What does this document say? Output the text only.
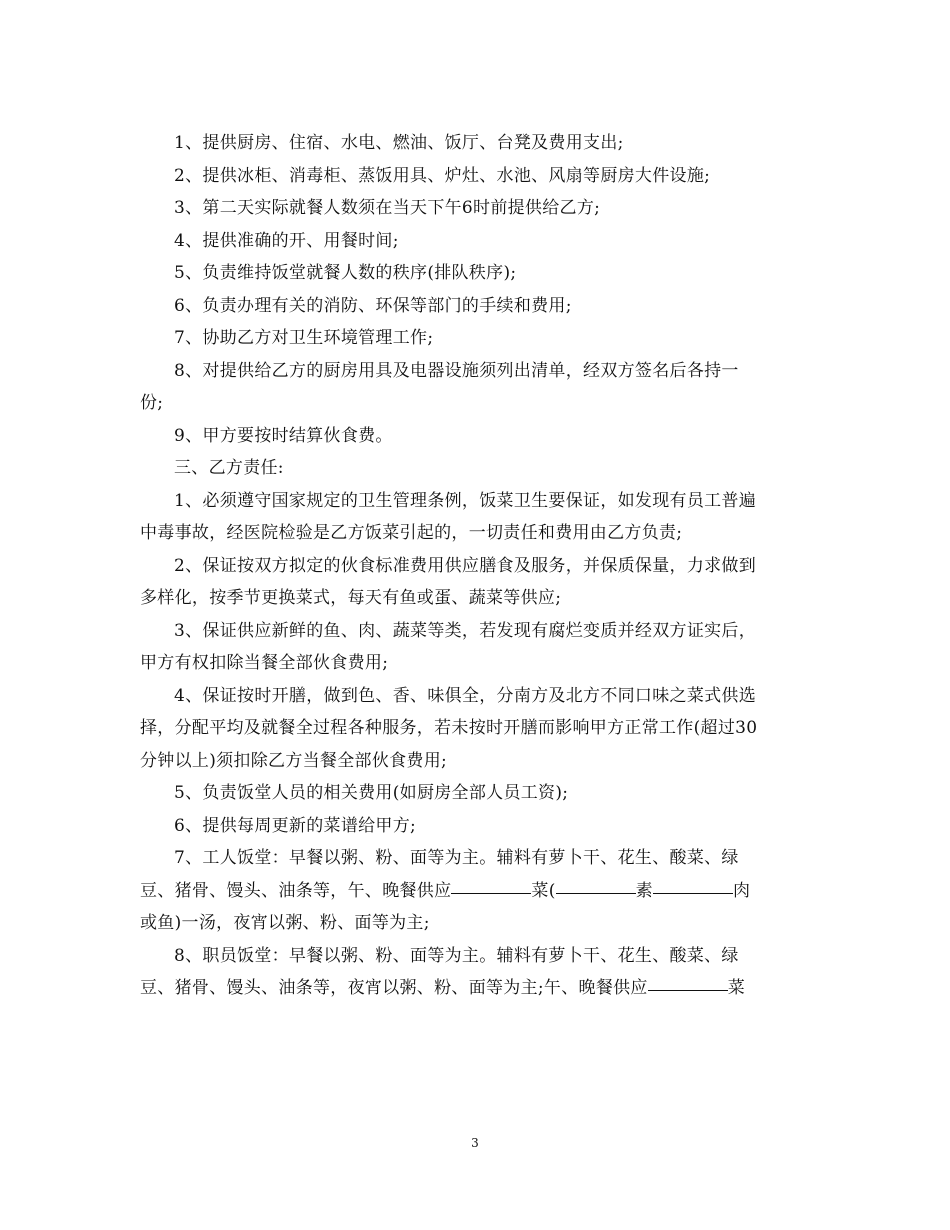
1、提供厨房、住宿、水电、燃油、饭厅、台凳及费用支出;

2、提供冰柜、消毒柜、蒸饭用具、炉灶、水池、风扇等厨房大件设施;

3、第二天实际就餐人数须在当天下午6时前提供给乙方;

4、提供准确的开、用餐时间;

5、负责维持饭堂就餐人数的秩序(排队秩序);

6、负责办理有关的消防、环保等部门的手续和费用;

7、协助乙方对卫生环境管理工作;

8、对提供给乙方的厨房用具及电器设施须列出清单，经双方签名后各持一

份;

9、甲方要按时结算伙食费。

三、乙方责任:

1、必须遵守国家规定的卫生管理条例，饭菜卫生要保证，如发现有员工普遍

中毒事故，经医院检验是乙方饭菜引起的，一切责任和费用由乙方负责;

2、保证按双方拟定的伙食标准费用供应膳食及服务，并保质保量，力求做到

多样化，按季节更换菜式，每天有鱼或蛋、蔬菜等供应;

3、保证供应新鲜的鱼、肉、蔬菜等类，若发现有腐烂变质并经双方证实后，

甲方有权扣除当餐全部伙食费用;

4、保证按时开膳，做到色、香、味俱全，分南方及北方不同口味之菜式供选

择，分配平均及就餐全过程各种服务，若未按时开膳而影响甲方正常工作(超过30

分钟以上)须扣除乙方当餐全部伙食费用;

5、负责饭堂人员的相关费用(如厨房全部人员工资);

6、提供每周更新的菜谱给甲方;

7、工人饭堂：早餐以粥、粉、面等为主。辅料有萝卜干、花生、酸菜、绿

豆、猪骨、馒头、油条等，午、晚餐供应	菜(	素	肉

或鱼)一汤，夜宵以粥、粉、面等为主;

8、职员饭堂：早餐以粥、粉、面等为主。辅料有萝卜干、花生、酸菜、绿

豆、猪骨、馒头、油条等，夜宵以粥、粉、面等为主;午、晚餐供应	菜

3
